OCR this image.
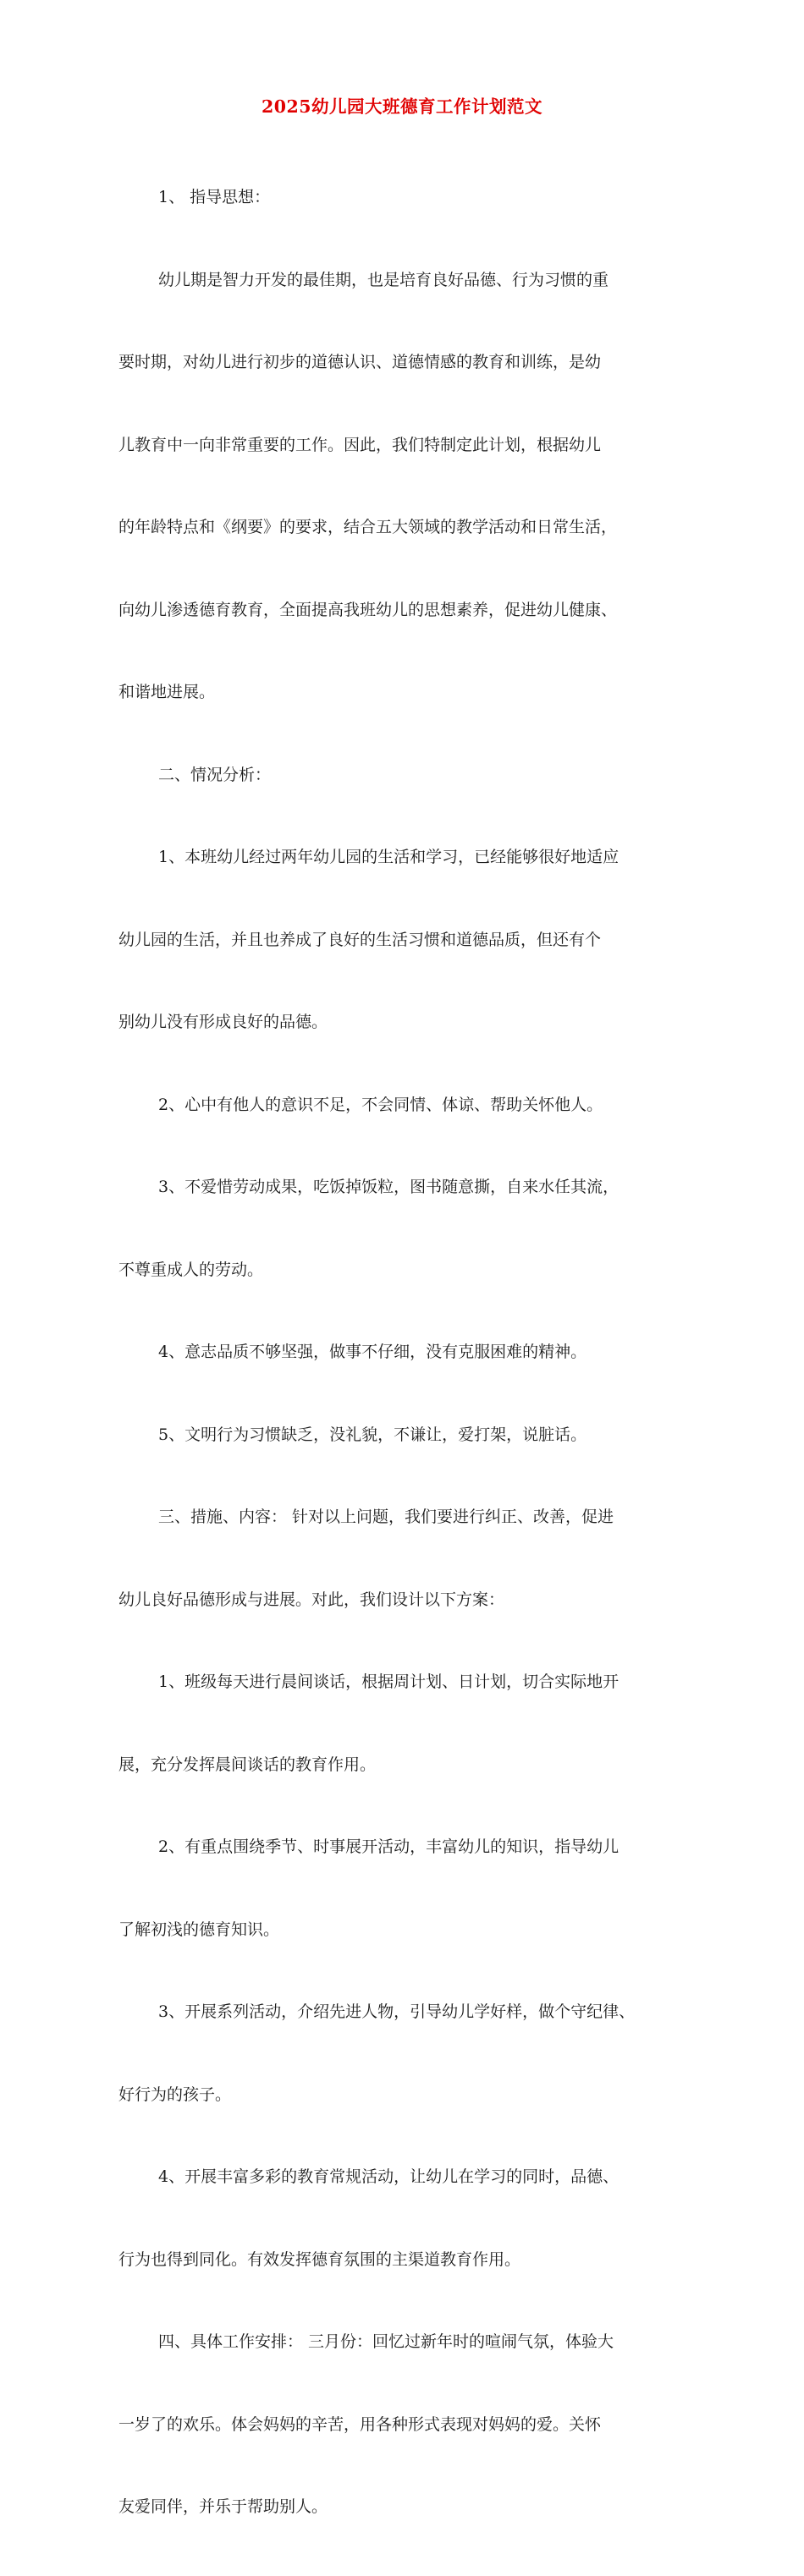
2025幼儿园大班德育工作计划范文

1、 指导思想：

幼儿期是智力开发的最佳期，也是培育良好品德、行为习惯的重

要时期，对幼儿进行初步的道德认识、道德情感的教育和训练，是幼

儿教育中一向非常重要的工作。因此，我们特制定此计划，根据幼儿

的年龄特点和《纲要》的要求，结合五大领域的教学活动和日常生活，

向幼儿渗透德育教育，全面提高我班幼儿的思想素养，促进幼儿健康、

和谐地进展。

二、情况分析：

1、本班幼儿经过两年幼儿园的生活和学习，已经能够很好地适应

幼儿园的生活，并且也养成了良好的生活习惯和道德品质，但还有个

别幼儿没有形成良好的品德。

2、心中有他人的意识不足，不会同情、体谅、帮助关怀他人。

3、不爱惜劳动成果，吃饭掉饭粒，图书随意撕，自来水任其流，

不尊重成人的劳动。

4、意志品质不够坚强，做事不仔细，没有克服困难的精神。

5、文明行为习惯缺乏，没礼貌，不谦让，爱打架，说脏话。

三、措施、内容： 针对以上问题，我们要进行纠正、改善，促进

幼儿良好品德形成与进展。对此，我们设计以下方案：

1、班级每天进行晨间谈话，根据周计划、日计划，切合实际地开

展，充分发挥晨间谈话的教育作用。

2、有重点围绕季节、时事展开活动，丰富幼儿的知识，指导幼儿

了解初浅的德育知识。

3、开展系列活动，介绍先进人物，引导幼儿学好样，做个守纪律、

好行为的孩子。

4、开展丰富多彩的教育常规活动，让幼儿在学习的同时，品德、

行为也得到同化。有效发挥德育氛围的主渠道教育作用。

四、具体工作安排： 三月份：回忆过新年时的喧闹气氛，体验大

一岁了的欢乐。体会妈妈的辛苦，用各种形式表现对妈妈的爱。关怀

友爱同伴，并乐于帮助别人。
